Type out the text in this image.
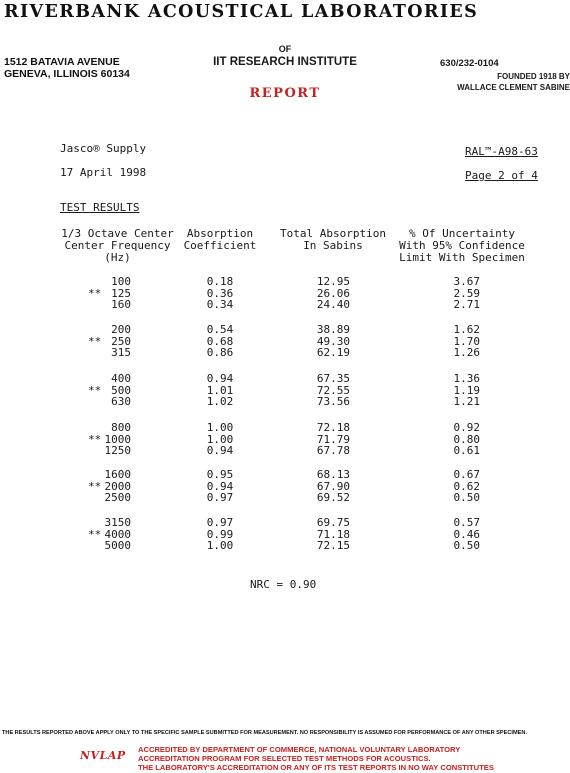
RIVERBANK ACOUSTICAL LABORATORIES
1512 BATAVIA AVENUE
GENEVA, ILLINOIS 60134
OF
IIT RESEARCH INSTITUTE
REPORT
630/232-0104
FOUNDED 1918 BY
WALLACE CLEMENT SABINE
Jasco® Supply
17 April 1998
RAL™-A98-63
Page 2 of 4
TEST RESULTS
1/3 Octave Center
Center Frequency
(Hz)
Absorption
Coefficient
Total Absorption
In Sabins
% Of Uncertainty
With 95% Confidence
Limit With Specimen
100	0.18	12.95	3.67
** 125	0.36	26.06	2.59
160	0.34	24.40	2.71
200	0.54	38.89	1.62
** 250	0.68	49.30	1.70
315	0.86	62.19	1.26
400	0.94	67.35	1.36
** 500	1.01	72.55	1.19
630	1.02	73.56	1.21
800	1.00	72.18	0.92
** 1000	1.00	71.79	0.80
1250	0.94	67.78	0.61
1600	0.95	68.13	0.67
** 2000	0.94	67.90	0.62
2500	0.97	69.52	0.50
3150	0.97	69.75	0.57
** 4000	0.99	71.18	0.46
5000	1.00	72.15	0.50
NRC = 0.90
THE RESULTS REPORTED ABOVE APPLY ONLY TO THE SPECIFIC SAMPLE SUBMITTED FOR MEASUREMENT. NO RESPONSIBILITY IS ASSUMED FOR PERFORMANCE OF ANY OTHER SPECIMEN.
NVLAP ACCREDITED BY DEPARTMENT OF COMMERCE, NATIONAL VOLUNTARY LABORATORY
ACCREDITATION PROGRAM FOR SELECTED TEST METHODS FOR ACOUSTICS.
THE LABORATORY'S ACCREDITATION OR ANY OF ITS TEST REPORTS IN NO WAY CONSTITUTES
